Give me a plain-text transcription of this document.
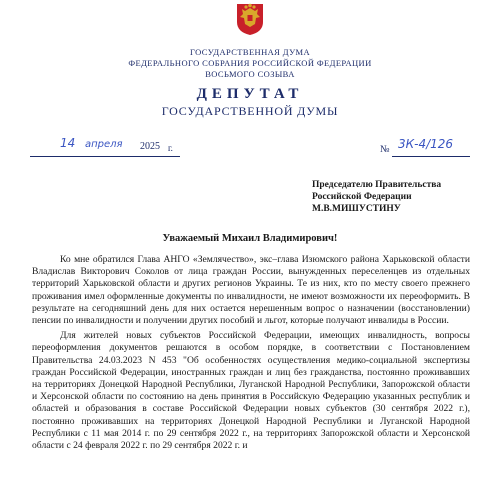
ГОСУДАРСТВЕННАЯ ДУМА
ФЕДЕРАЛЬНОГО СОБРАНИЯ РОССИЙСКОЙ ФЕДЕРАЦИИ
ВОСЬМОГО СОЗЫВА
ДЕПУТАТ
ГОСУДАРСТВЕННОЙ ДУМЫ
14 апреля 2025 г.	№ 3К-4/126
Председателю Правительства
Российской Федерации
М.В.МИШУСТИНУ
Уважаемый Михаил Владимирович!

Ко мне обратился Глава АНГО «Землячество», экс–глава Изюмского района Харьковской области Владислав Викторович Соколов от лица граждан России, вынужденных переселенцев из отдельных территорий Харьковской области и других регионов Украины. Те из них, кто по месту своего прежнего проживания имел оформленные документы по инвалидности, не имеют возможности их переоформить. В результате на сегодняшний день для них остается нерешенным вопрос о назначении (восстановлении) пенсии по инвалидности и получении других пособий и льгот, которые получают инвалиды в России.

Для жителей новых субъектов Российской Федерации, имеющих инвалидность, вопросы переоформления документов решаются в особом порядке, в соответствии с Постановлением Правительства 24.03.2023 N 453 "Об особенностях осуществления медико-социальной экспертизы граждан Российской Федерации, иностранных граждан и лиц без гражданства, постоянно проживавших на территориях Донецкой Народной Республики, Луганской Народной Республики, Запорожской области и Херсонской области по состоянию на день принятия в Российскую Федерацию указанных республик и областей и образования в составе Российской Федерации новых субъектов (30 сентября 2022 г.), постоянно проживавших на территориях Донецкой Народной Республики и Луганской Народной Республики с 11 мая 2014 г. по 29 сентября 2022 г., на территориях Запорожской области и Херсонской области с 24 февраля 2022 г. по 29 сентября 2022 г. и
